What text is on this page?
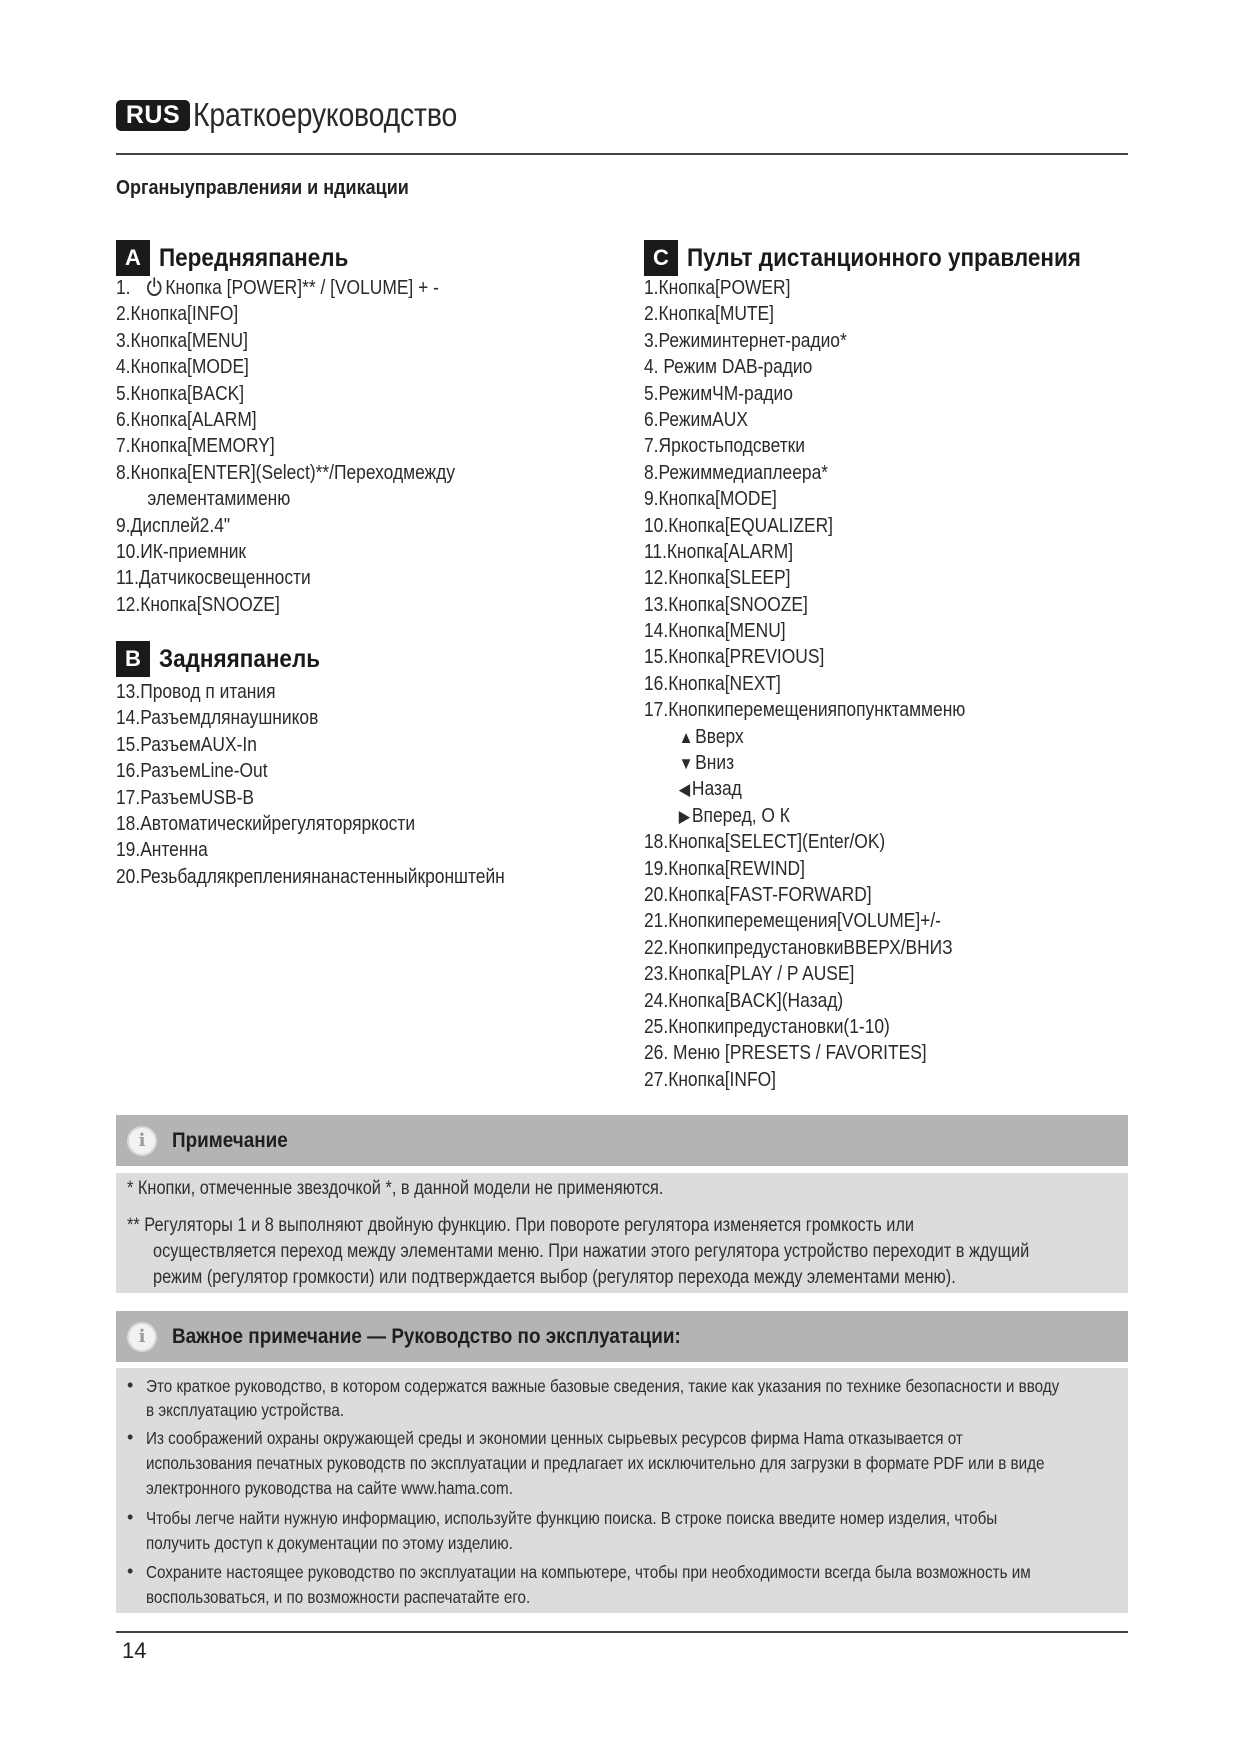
RUS Краткоеруководство
Органыуправленияи и ндикации
A Передняяпанель
1. Кнопка [POWER]** / [VOLUME] + -
2.Кнопка[INFO]
3.Кнопка[MENU]
4.Кнопка[MODE]
5.Кнопка[BACK]
6.Кнопка[ALARM]
7.Кнопка[MEMORY]
8.Кнопка[ENTER](Select)**/Переходмежду
элементамименю
9.Дисплей2.4"
10.ИК-приемник
11.Датчикосвещенности
12.Кнопка[SNOOZE]
B Задняяпанель
13.Провод п итания
14.Разъемдлянаушников
15.РазъемAUX-In
16.РазъемLine-Out
17.РазъемUSB-B
18.Автоматическийрегуляторяркости
19.Антенна
20.Резьбадлякреплениянанастенныйкронштейн
C Пульт дистанционного управления
1.Кнопка[POWER]
2.Кнопка[MUTE]
3.Режиминтернет-радио*
4. Режим DAB-радио
5.РежимЧМ-радио
6.РежимAUX
7.Яркостьподсветки
8.Режиммедиаплеера*
9.Кнопка[MODE]
10.Кнопка[EQUALIZER]
11.Кнопка[ALARM]
12.Кнопка[SLEEP]
13.Кнопка[SNOOZE]
14.Кнопка[MENU]
15.Кнопка[PREVIOUS]
16.Кнопка[NEXT]
17.Кнопкиперемещенияпопунктамменю
▲Вверх
▼Вниз
◀Назад
▶Вперед, О К
18.Кнопка[SELECT](Enter/OK)
19.Кнопка[REWIND]
20.Кнопка[FAST-FORWARD]
21.Кнопкиперемещения[VOLUME]+/-
22.КнопкипредустановкиВВЕРХ/ВНИЗ
23.Кнопка[PLAY / P AUSE]
24.Кнопка[BACK](Назад)
25.Кнопкипредустановки(1-10)
26. Меню [PRESETS / FAVORITES]
27.Кнопка[INFO]
i	Примечание
* Кнопки, отмеченные звездочкой *, в данной модели не применяются.
** Регуляторы 1 и 8 выполняют двойную функцию. При повороте регулятора изменяется громкость или
осуществляется переход между элементами меню. При нажатии этого регулятора устройство переходит в ждущий
режим (регулятор громкости) или подтверждается выбор (регулятор перехода между элементами меню).
i	Важное примечание — Руководство по эксплуатации:
• Это краткое руководство, в котором содержатся важные базовые сведения, такие как указания по технике безопасности и вводу
в эксплуатацию устройства.
• Из соображений охраны окружающей среды и экономии ценных сырьевых ресурсов фирма Hama отказывается от
использования печатных руководств по эксплуатации и предлагает их исключительно для загрузки в формате PDF или в виде
электронного руководства на сайте www.hama.com.
• Чтобы легче найти нужную информацию, используйте функцию поиска. В строке поиска введите номер изделия, чтобы
получить доступ к документации по этому изделию.
• Сохраните настоящее руководство по эксплуатации на компьютере, чтобы при необходимости всегда была возможность им
воспользоваться, и по возможности распечатайте его.
14
